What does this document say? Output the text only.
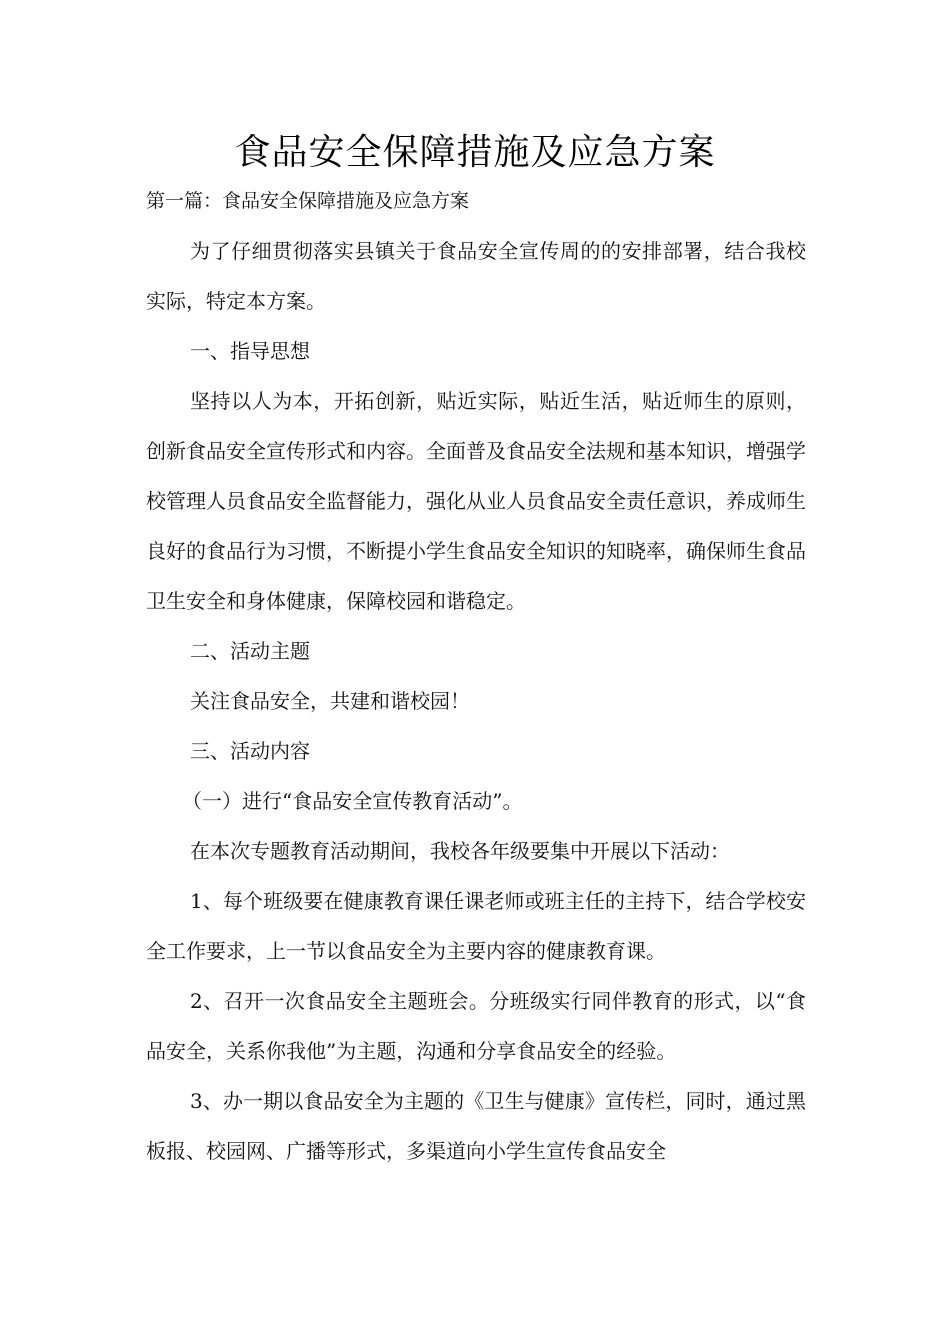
食品安全保障措施及应急方案
第一篇：食品安全保障措施及应急方案

为了仔细贯彻落实县镇关于食品安全宣传周的的安排部署，结合我校实际，特定本方案。

一、指导思想

坚持以人为本，开拓创新，贴近实际，贴近生活，贴近师生的原则，创新食品安全宣传形式和内容。全面普及食品安全法规和基本知识，增强学校管理人员食品安全监督能力，强化从业人员食品安全责任意识，养成师生良好的食品行为习惯，不断提小学生食品安全知识的知晓率，确保师生食品卫生安全和身体健康，保障校园和谐稳定。

二、活动主题

关注食品安全，共建和谐校园！

三、活动内容

（一）进行“食品安全宣传教育活动”。

在本次专题教育活动期间，我校各年级要集中开展以下活动：

1、每个班级要在健康教育课任课老师或班主任的主持下，结合学校安全工作要求，上一节以食品安全为主要内容的健康教育课。

2、召开一次食品安全主题班会。分班级实行同伴教育的形式，以“食品安全，关系你我他”为主题，沟通和分享食品安全的经验。

3、办一期以食品安全为主题的《卫生与健康》宣传栏，同时，通过黑板报、校园网、广播等形式，多渠道向小学生宣传食品安全
